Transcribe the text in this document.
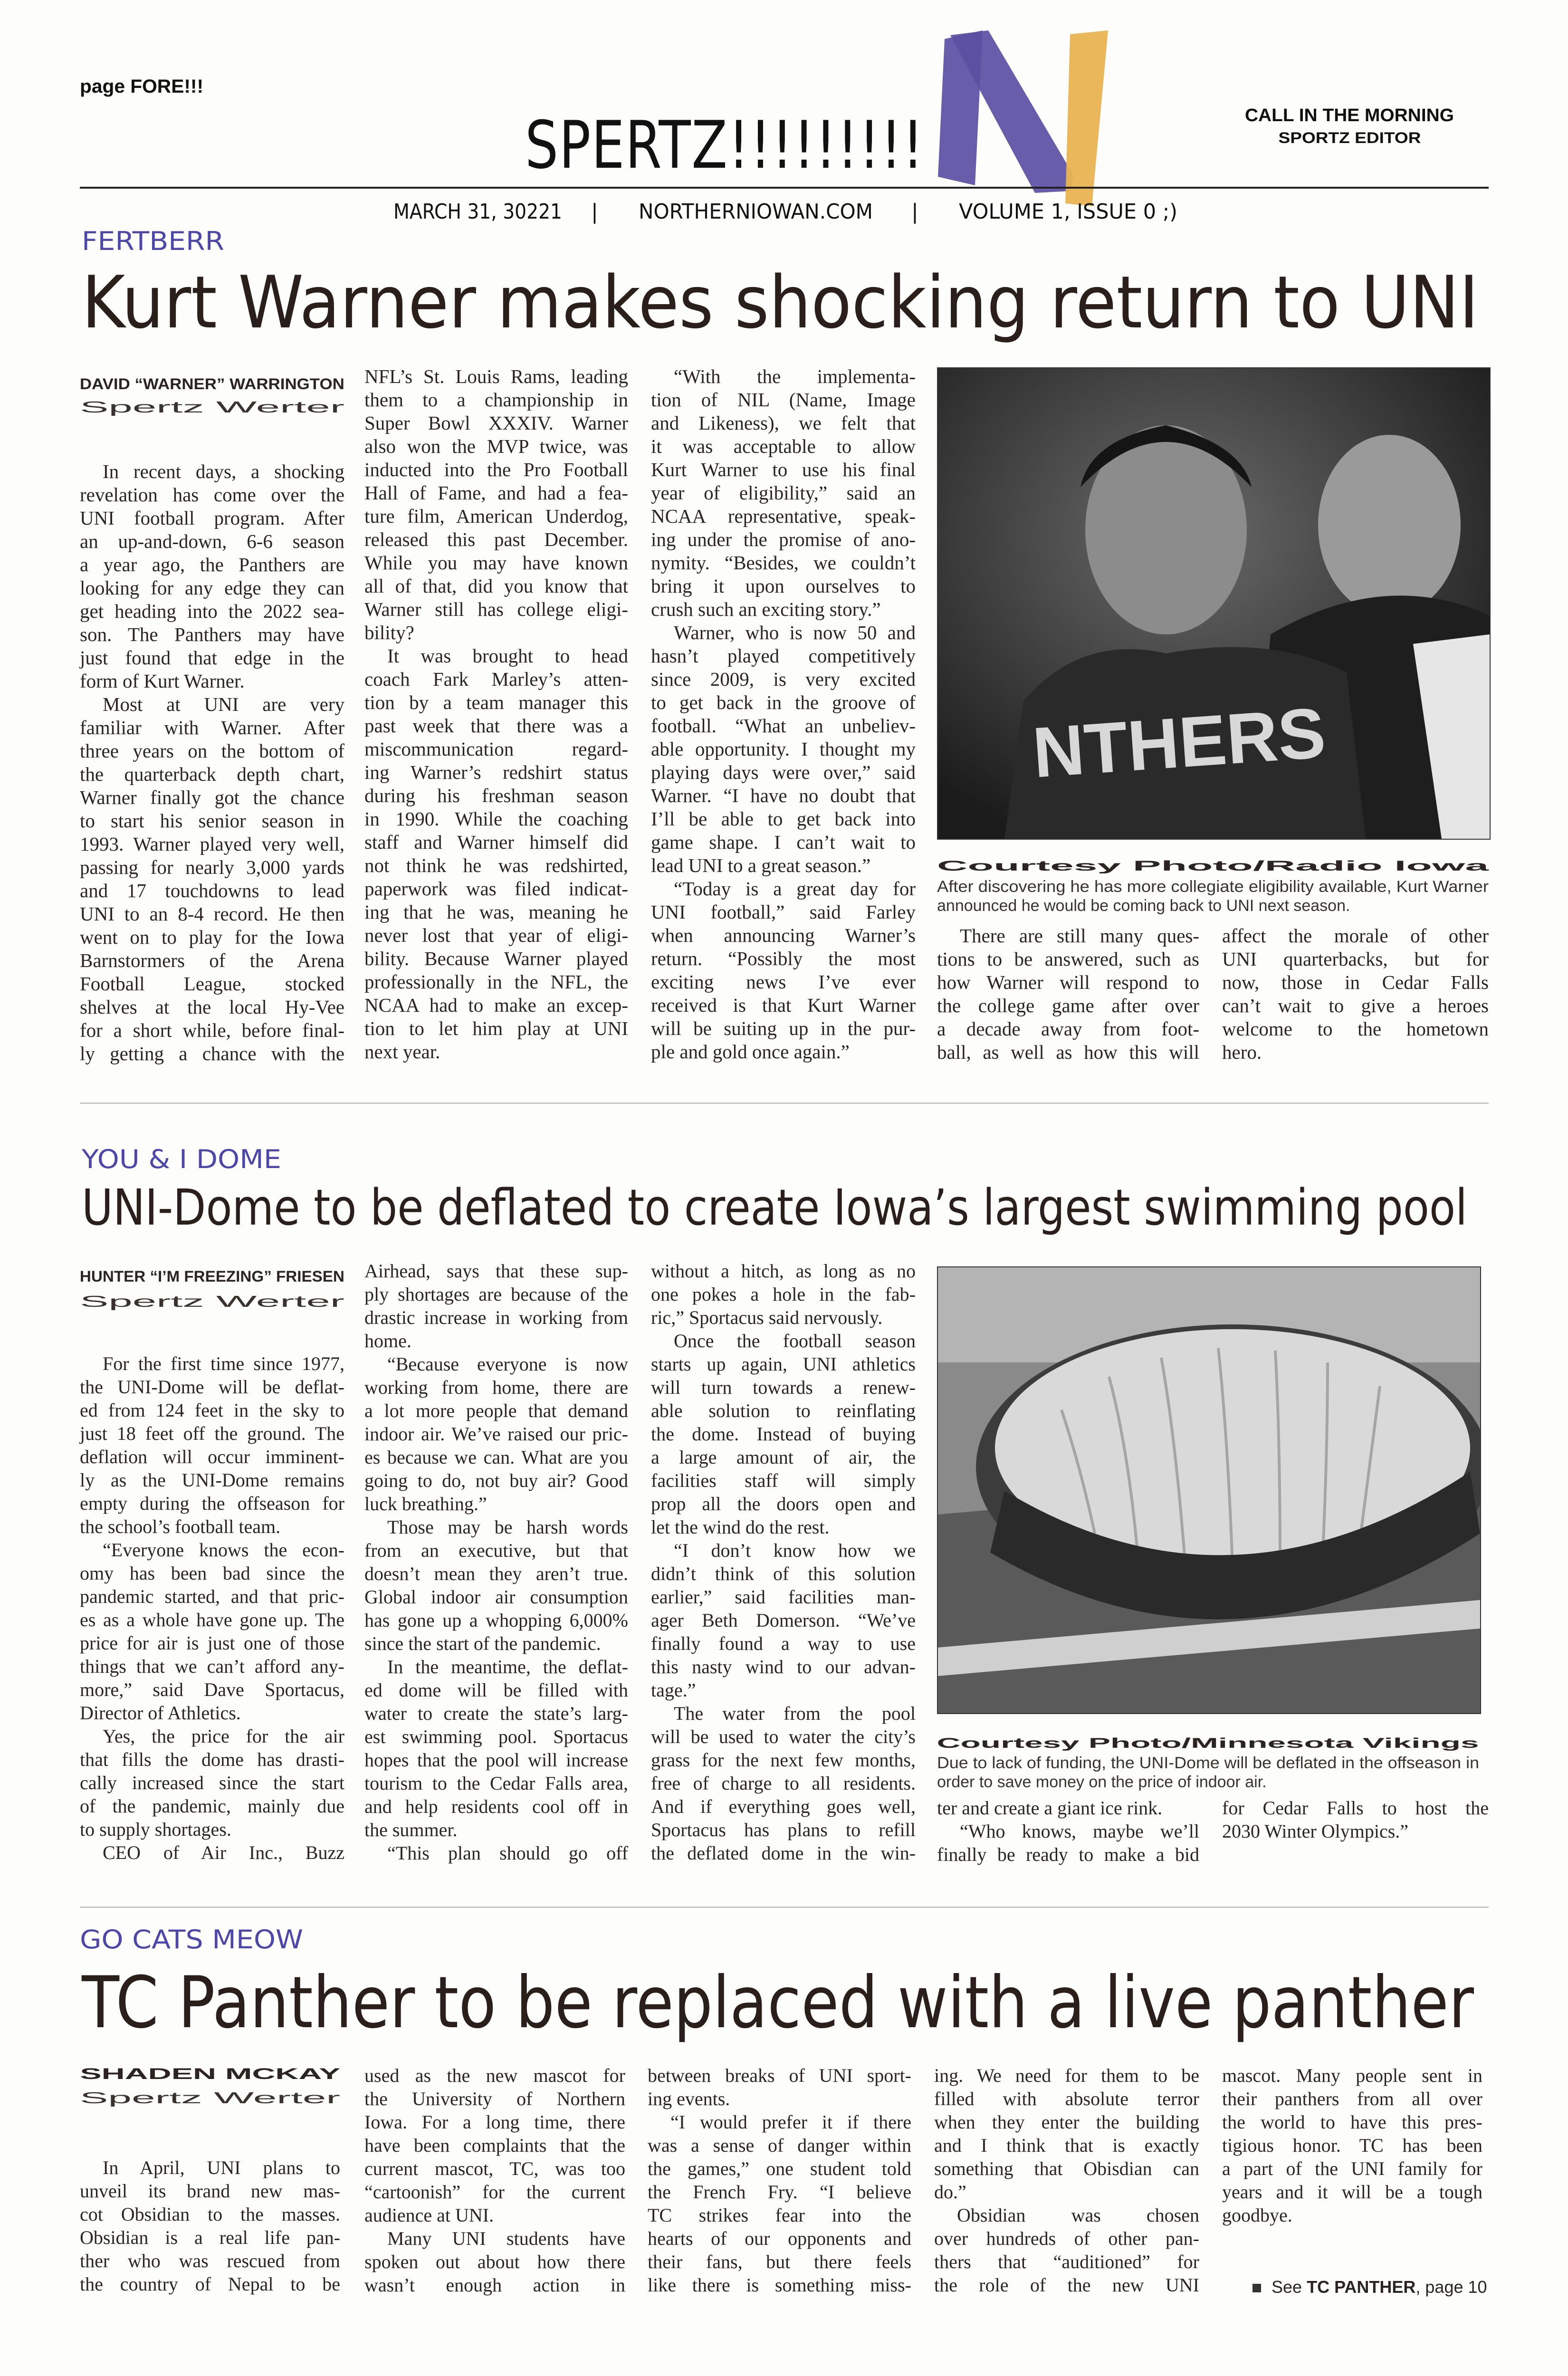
page FORE!!!
SPERTZ!!!!!!!!!	CALL IN THE MORNING
SPORTZ EDITOR
MARCH 31, 30221 | NORTHERNIOWAN.COM | VOLUME 1, ISSUE 0 ;)
FERTBERR
Kurt Warner makes shocking return to UNI
DAVID “WARNER” WARRINGTON
Spertz Werter
In recent days, a shocking
revelation has come over the
UNI football program. After
an up-and-down, 6-6 season
a year ago, the Panthers are
looking for any edge they can
get heading into the 2022 sea-
son. The Panthers may have
just found that edge in the
form of Kurt Warner.
Most at UNI are very
familiar with Warner. After
three years on the bottom of
the quarterback depth chart,
Warner finally got the chance
to start his senior season in
1993. Warner played very well,
passing for nearly 3,000 yards
and 17 touchdowns to lead
UNI to an 8-4 record. He then
went on to play for the Iowa
Barnstormers of the Arena
Football League, stocked
shelves at the local Hy-Vee
for a short while, before final-
ly getting a chance with the
NFL’s St. Louis Rams, leading
them to a championship in
Super Bowl XXXIV. Warner
also won the MVP twice, was
inducted into the Pro Football
Hall of Fame, and had a fea-
ture film, American Underdog,
released this past December.
While you may have known
all of that, did you know that
Warner still has college eligi-
bility?
It was brought to head
coach Fark Marley’s atten-
tion by a team manager this
past week that there was a
miscommunication regard-
ing Warner’s redshirt status
during his freshman season
in 1990. While the coaching
staff and Warner himself did
not think he was redshirted,
paperwork was filed indicat-
ing that he was, meaning he
never lost that year of eligi-
bility. Because Warner played
professionally in the NFL, the
NCAA had to make an excep-
tion to let him play at UNI
next year.
“With the implementa-
tion of NIL (Name, Image
and Likeness), we felt that
it was acceptable to allow
Kurt Warner to use his final
year of eligibility,” said an
NCAA representative, speak-
ing under the promise of ano-
nymity. “Besides, we couldn’t
bring it upon ourselves to
crush such an exciting story.”
Warner, who is now 50 and
hasn’t played competitively
since 2009, is very excited
to get back in the groove of
football. “What an unbeliev-
able opportunity. I thought my
playing days were over,” said
Warner. “I have no doubt that
I’ll be able to get back into
game shape. I can’t wait to
lead UNI to a great season.”
“Today is a great day for
UNI football,” said Farley
when announcing Warner’s
return. “Possibly the most
exciting news I’ve ever
received is that Kurt Warner
will be suiting up in the pur-
ple and gold once again.”
NTHERS
Courtesy Photo/Radio Iowa
After discovering he has more collegiate eligibility available, Kurt Warner
announced he would be coming back to UNI next season.
There are still many ques-
tions to be answered, such as
how Warner will respond to
the college game after over
a decade away from foot-
ball, as well as how this will
affect the morale of other
UNI quarterbacks, but for
now, those in Cedar Falls
can’t wait to give a heroes
welcome to the hometown
hero.
YOU & I DOME
UNI-Dome to be deflated to create Iowa’s largest swimming pool
HUNTER “I’M FREEZING” FRIESEN
Spertz Werter
For the first time since 1977,
the UNI-Dome will be deflat-
ed from 124 feet in the sky to
just 18 feet off the ground. The
deflation will occur imminent-
ly as the UNI-Dome remains
empty during the offseason for
the school’s football team.
“Everyone knows the econ-
omy has been bad since the
pandemic started, and that pric-
es as a whole have gone up. The
price for air is just one of those
things that we can’t afford any-
more,” said Dave Sportacus,
Director of Athletics.
Yes, the price for the air
that fills the dome has drasti-
cally increased since the start
of the pandemic, mainly due
to supply shortages.
CEO of Air Inc., Buzz
Airhead, says that these sup-
ply shortages are because of the
drastic increase in working from
home.
“Because everyone is now
working from home, there are
a lot more people that demand
indoor air. We’ve raised our pric-
es because we can. What are you
going to do, not buy air? Good
luck breathing.”
Those may be harsh words
from an executive, but that
doesn’t mean they aren’t true.
Global indoor air consumption
has gone up a whopping 6,000%
since the start of the pandemic.
In the meantime, the deflat-
ed dome will be filled with
water to create the state’s larg-
est swimming pool. Sportacus
hopes that the pool will increase
tourism to the Cedar Falls area,
and help residents cool off in
the summer.
“This plan should go off
without a hitch, as long as no
one pokes a hole in the fab-
ric,” Sportacus said nervously.
Once the football season
starts up again, UNI athletics
will turn towards a renew-
able solution to reinflating
the dome. Instead of buying
a large amount of air, the
facilities staff will simply
prop all the doors open and
let the wind do the rest.
“I don’t know how we
didn’t think of this solution
earlier,” said facilities man-
ager Beth Domerson. “We’ve
finally found a way to use
this nasty wind to our advan-
tage.”
The water from the pool
will be used to water the city’s
grass for the next few months,
free of charge to all residents.
And if everything goes well,
Sportacus has plans to refill
the deflated dome in the win-
Courtesy Photo/Minnesota Vikings
Due to lack of funding, the UNI-Dome will be deflated in the offseason in
order to save money on the price of indoor air.
ter and create a giant ice rink.
“Who knows, maybe we’ll
finally be ready to make a bid
for Cedar Falls to host the
2030 Winter Olympics.”
GO CATS MEOW
TC Panther to be replaced with a live panther
SHADEN MCKAY
Spertz Werter
In April, UNI plans to
unveil its brand new mas-
cot Obsidian to the masses.
Obsidian is a real life pan-
ther who was rescued from
the country of Nepal to be
used as the new mascot for
the University of Northern
Iowa. For a long time, there
have been complaints that the
current mascot, TC, was too
“cartoonish” for the current
audience at UNI.
Many UNI students have
spoken out about how there
wasn’t enough action in
between breaks of UNI sport-
ing events.
“I would prefer it if there
was a sense of danger within
the games,” one student told
the French Fry. “I believe
TC strikes fear into the
hearts of our opponents and
their fans, but there feels
like there is something miss-
ing. We need for them to be
filled with absolute terror
when they enter the building
and I think that is exactly
something that Obisdian can
do.”
Obsidian was chosen
over hundreds of other pan-
thers that “auditioned” for
the role of the new UNI
mascot. Many people sent in
their panthers from all over
the world to have this pres-
tigious honor. TC has been
a part of the UNI family for
years and it will be a tough
goodbye.
See TC PANTHER, page 10
